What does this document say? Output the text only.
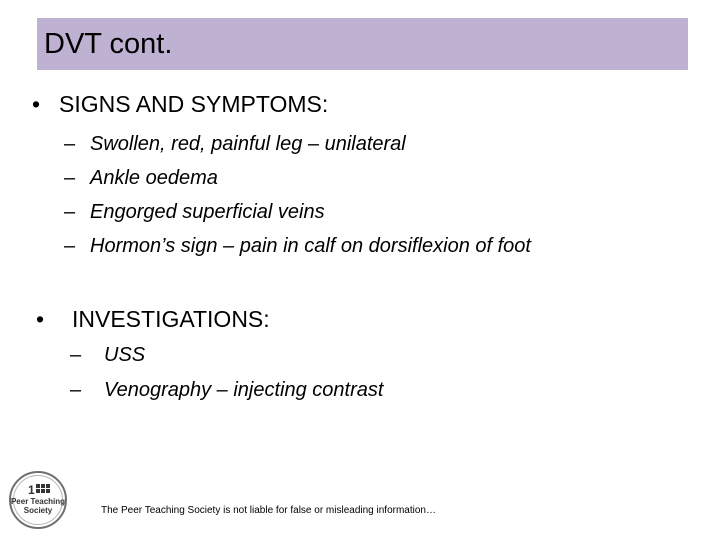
DVT cont.
• SIGNS AND SYMPTOMS:
– Swollen, red, painful leg – unilateral
– Ankle oedema
– Engorged superficial veins
– Hormon’s sign – pain in calf on dorsiflexion of foot
• INVESTIGATIONS:
– USS
– Venography – injecting contrast
1
Peer Teaching
Society	The Peer Teaching Society is not liable for false or misleading information…
